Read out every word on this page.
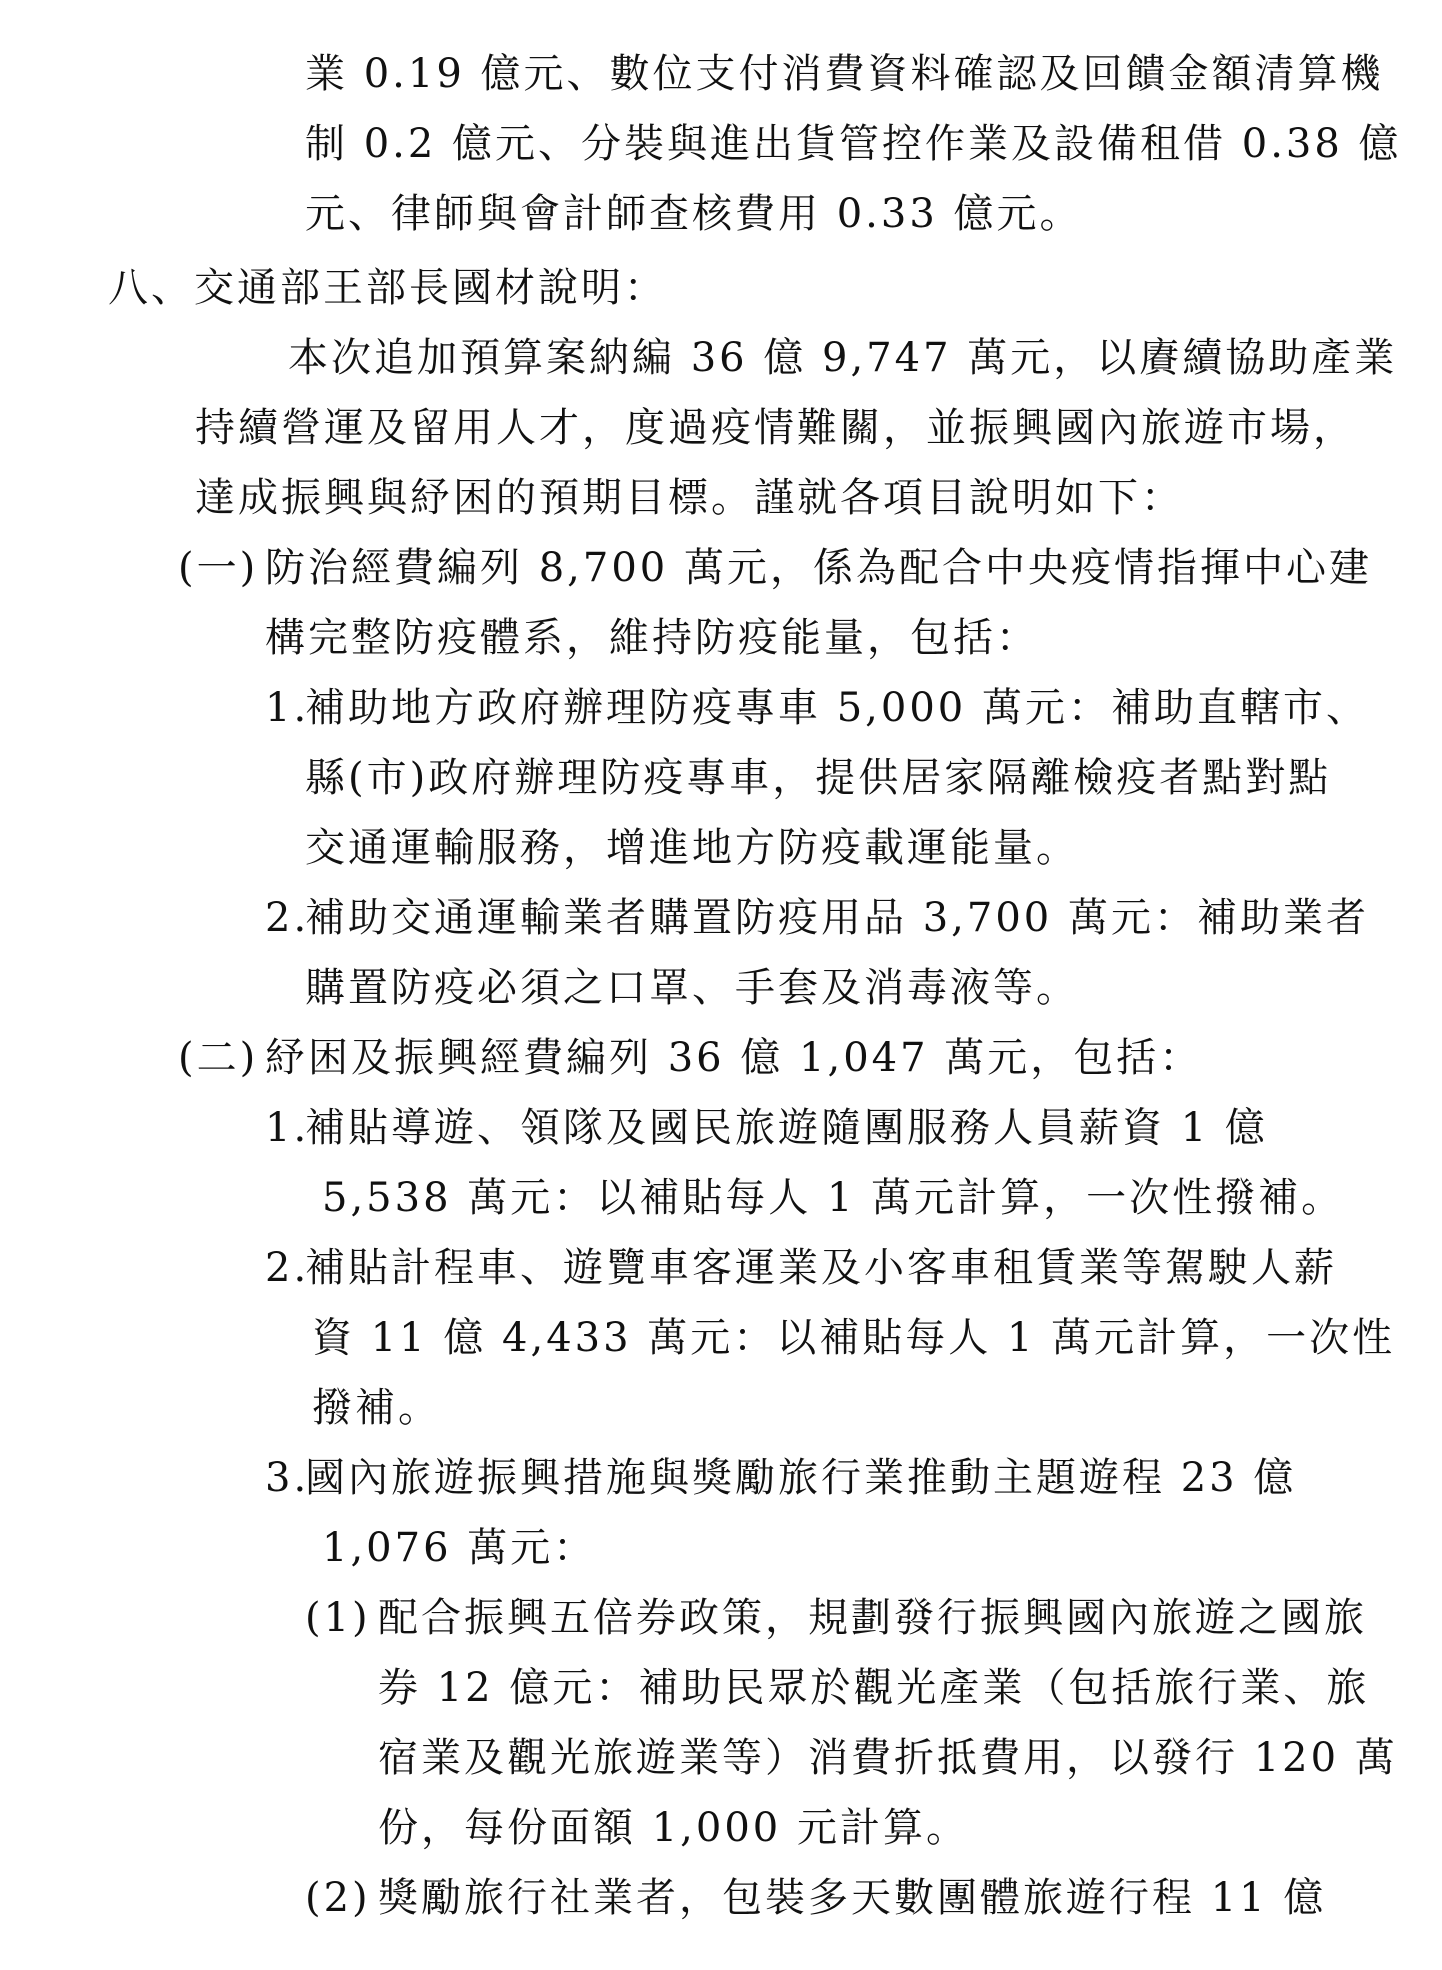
業 0.19 億元、數位支付消費資料確認及回饋金額清算機
制 0.2 億元、分裝與進出貨管控作業及設備租借 0.38 億
元、律師與會計師查核費用 0.33 億元。
八、交通部王部長國材說明：
本次追加預算案納編 36 億 9,747 萬元，以賡續協助產業
持續營運及留用人才，度過疫情難關，並振興國內旅遊市場，
達成振興與紓困的預期目標。謹就各項目說明如下：
(一) 防治經費編列 8,700 萬元，係為配合中央疫情指揮中心建
構完整防疫體系，維持防疫能量，包括：
1.
補助地方政府辦理防疫專車 5,000 萬元：補助直轄市、
縣(市)政府辦理防疫專車，提供居家隔離檢疫者點對點
交通運輸服務，增進地方防疫載運能量。
2.
補助交通運輸業者購置防疫用品 3,700 萬元：補助業者
購置防疫必須之口罩、手套及消毒液等。
(二) 紓困及振興經費編列 36 億 1,047 萬元，包括：
1.
補貼導遊、領隊及國民旅遊隨團服務人員薪資 1 億
5,538 萬元：以補貼每人 1 萬元計算，一次性撥補。
2.
補貼計程車、遊覽車客運業及小客車租賃業等駕駛人薪
資 11 億 4,433 萬元：以補貼每人 1 萬元計算，一次性
撥補。
3.
國內旅遊振興措施與獎勵旅行業推動主題遊程 23 億
1,076 萬元：
(1) 配合振興五倍券政策，規劃發行振興國內旅遊之國旅
券 12 億元：補助民眾於觀光產業（包括旅行業、旅
宿業及觀光旅遊業等）消費折抵費用，以發行 120 萬
份，每份面額 1,000 元計算。
(2) 獎勵旅行社業者，包裝多天數團體旅遊行程 11 億
